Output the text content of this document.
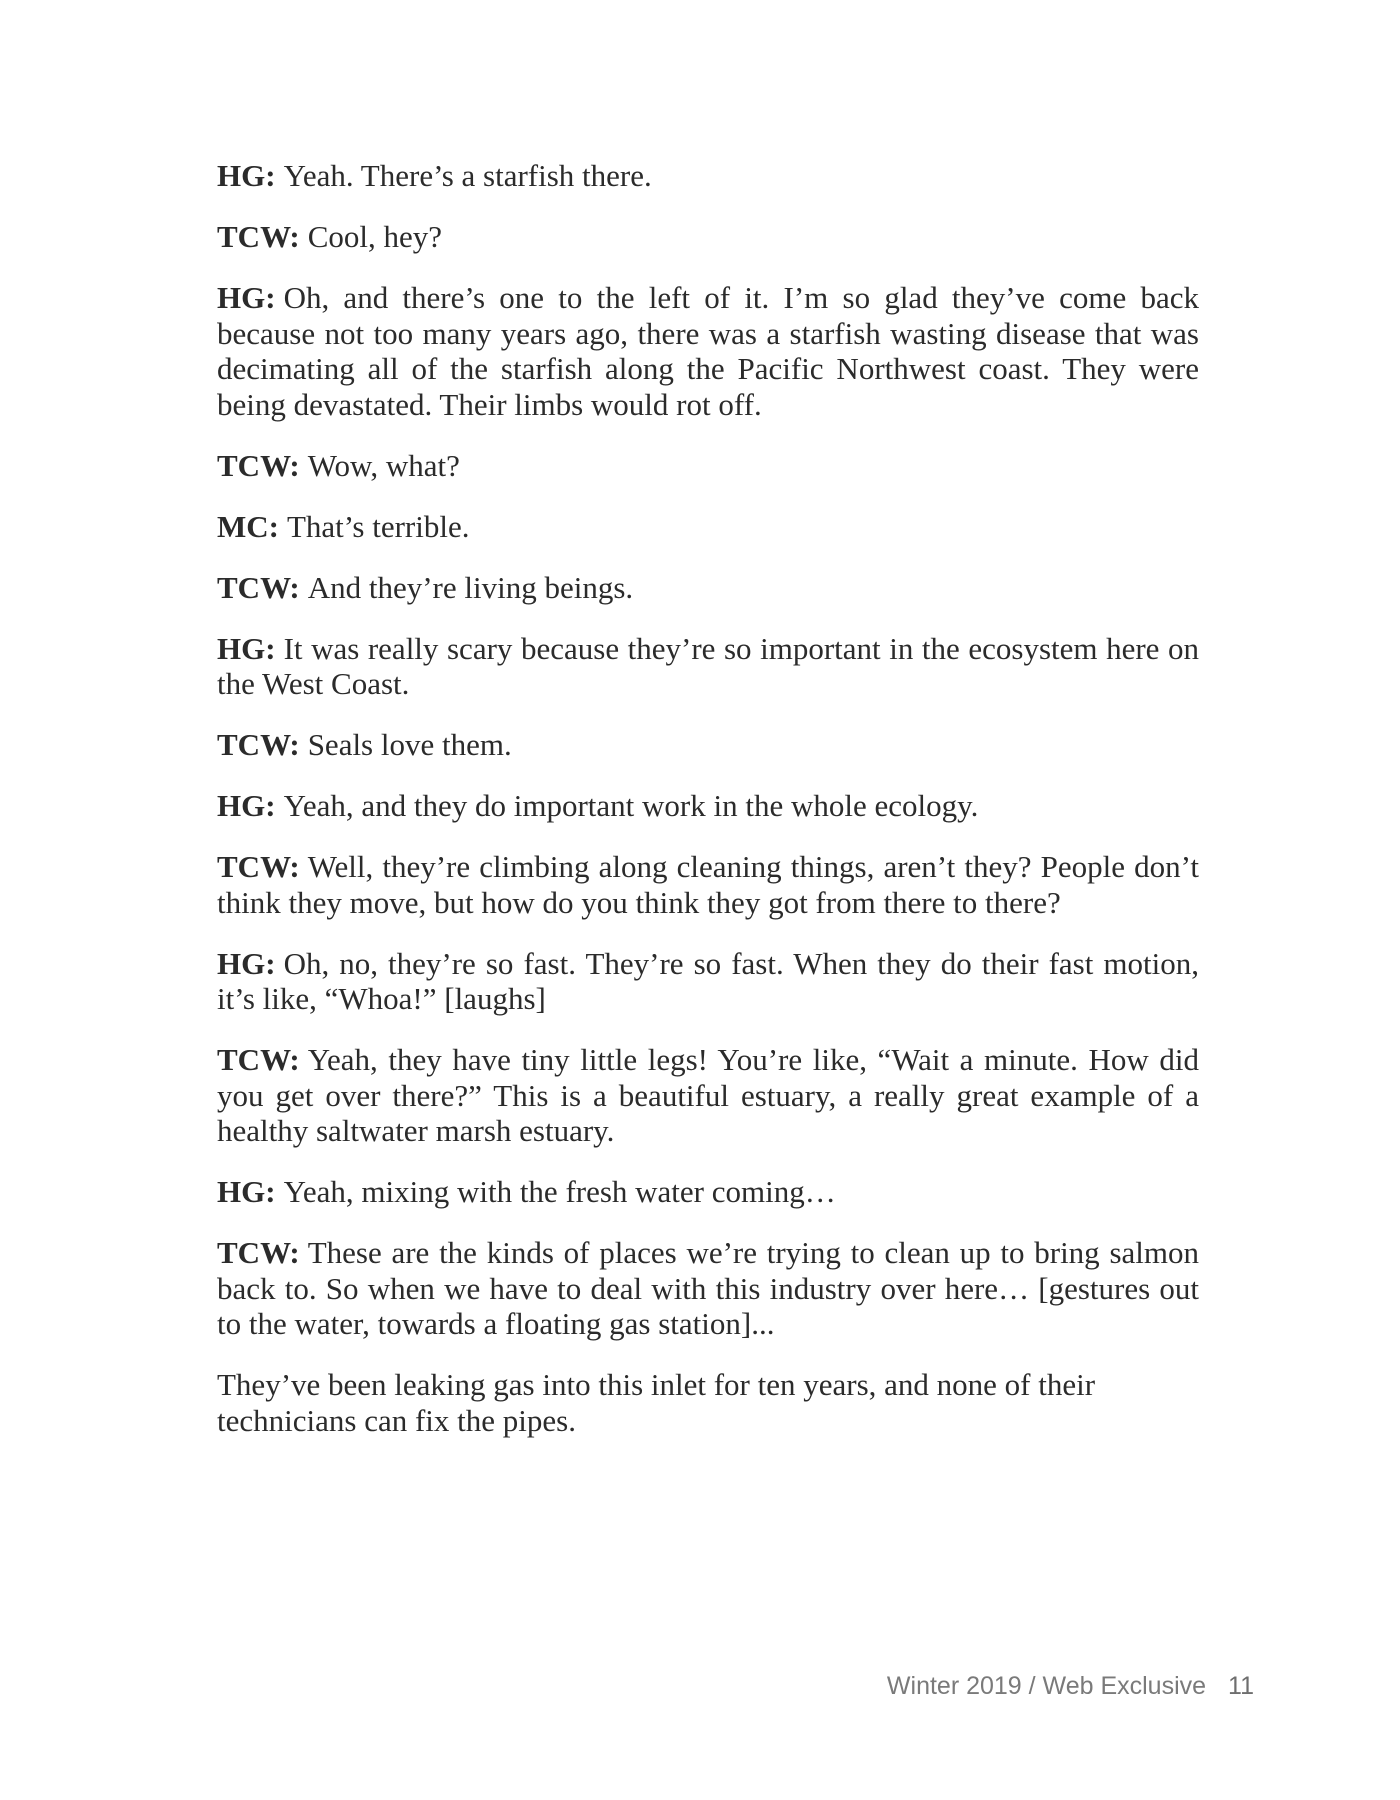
HG: Yeah. There’s a starfish there.

TCW: Cool, hey?

HG: Oh, and there’s one to the left of it. I’m so glad they’ve come back because not too many years ago, there was a starfish wasting disease that was decimating all of the starfish along the Pacific Northwest coast. They were being devastated. Their limbs would rot off.

TCW: Wow, what?

MC: That’s terrible.

TCW: And they’re living beings.

HG: It was really scary because they’re so important in the ecosystem here on the West Coast.

TCW: Seals love them.

HG: Yeah, and they do important work in the whole ecology.

TCW: Well, they’re climbing along cleaning things, aren’t they? People don’t think they move, but how do you think they got from there to there?

HG: Oh, no, they’re so fast. They’re so fast. When they do their fast motion, it’s like, “Whoa!” [laughs]

TCW: Yeah, they have tiny little legs! You’re like, “Wait a minute. How did you get over there?” This is a beautiful estuary, a really great example of a healthy saltwater marsh estuary.

HG: Yeah, mixing with the fresh water coming…

TCW: These are the kinds of places we’re trying to clean up to bring salmon back to. So when we have to deal with this industry over here… [gestures out to the water, towards a floating gas station]...

They’ve been leaking gas into this inlet for ten years, and none of their technicians can fix the pipes.

Winter 2019 / Web Exclusive 11
